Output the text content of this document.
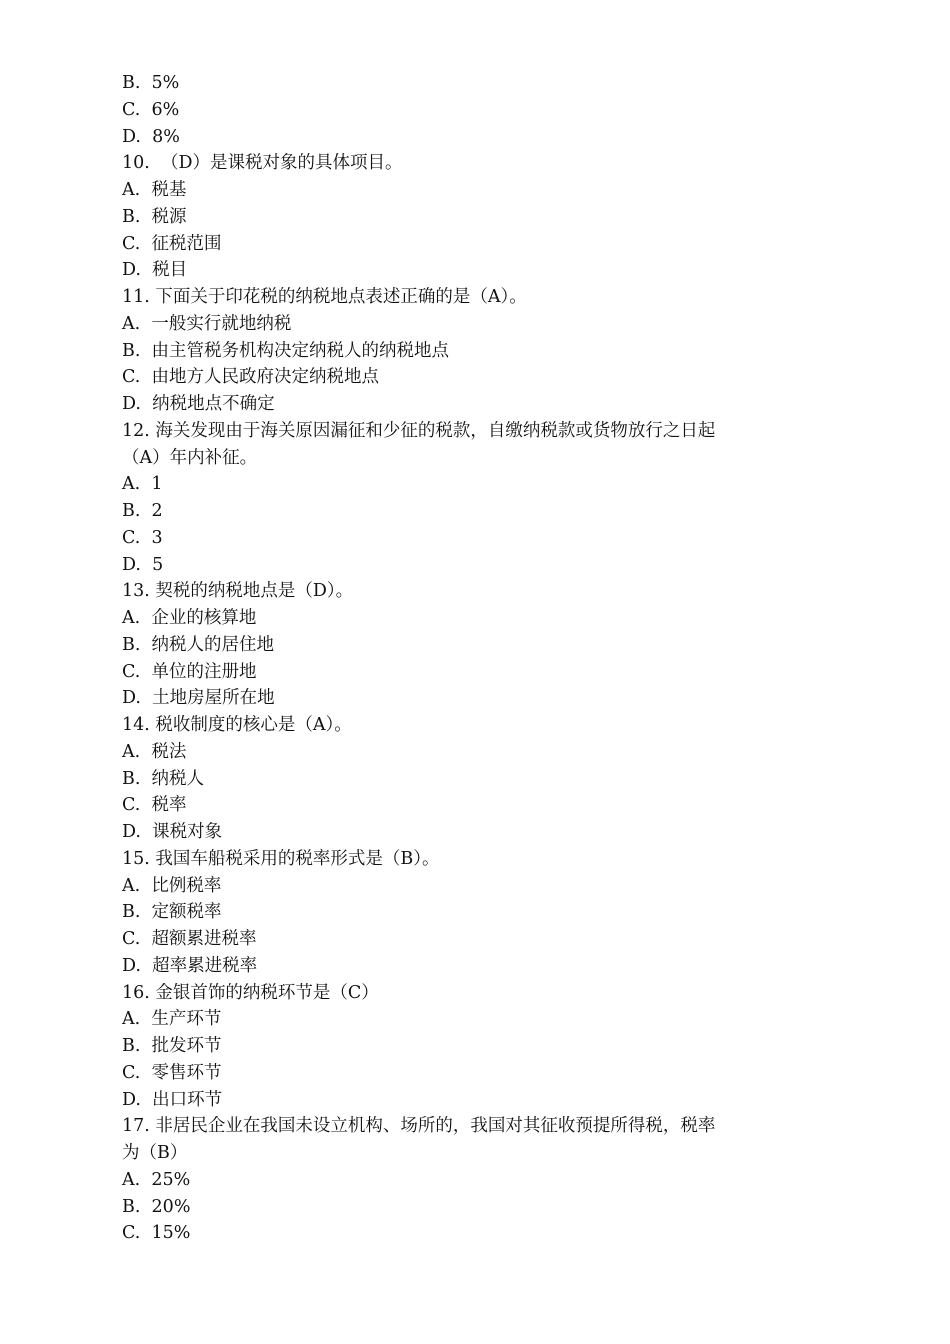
B.  5%
C.  6%
D.  8%
10.  （D）是课税对象的具体项目。
A.  税基
B.  税源
C.  征税范围
D.  税目
11. 下面关于印花税的纳税地点表述正确的是（A）。
A.  一般实行就地纳税
B.  由主管税务机构决定纳税人的纳税地点
C.  由地方人民政府决定纳税地点
D.  纳税地点不确定
12. 海关发现由于海关原因漏征和少征的税款，自缴纳税款或货物放行之日起
（A）年内补征。
A.  1
B.  2
C.  3
D.  5
13. 契税的纳税地点是（D）。
A.  企业的核算地
B.  纳税人的居住地
C.  单位的注册地
D.  土地房屋所在地
14. 税收制度的核心是（A）。
A.  税法
B.  纳税人
C.  税率
D.  课税对象
15. 我国车船税采用的税率形式是（B）。
A.  比例税率
B.  定额税率
C.  超额累进税率
D.  超率累进税率
16. 金银首饰的纳税环节是（C）
A.  生产环节
B.  批发环节
C.  零售环节
D.  出口环节
17. 非居民企业在我国未设立机构、场所的，我国对其征收预提所得税，税率
为（B）
A.  25%
B.  20%
C.  15%
